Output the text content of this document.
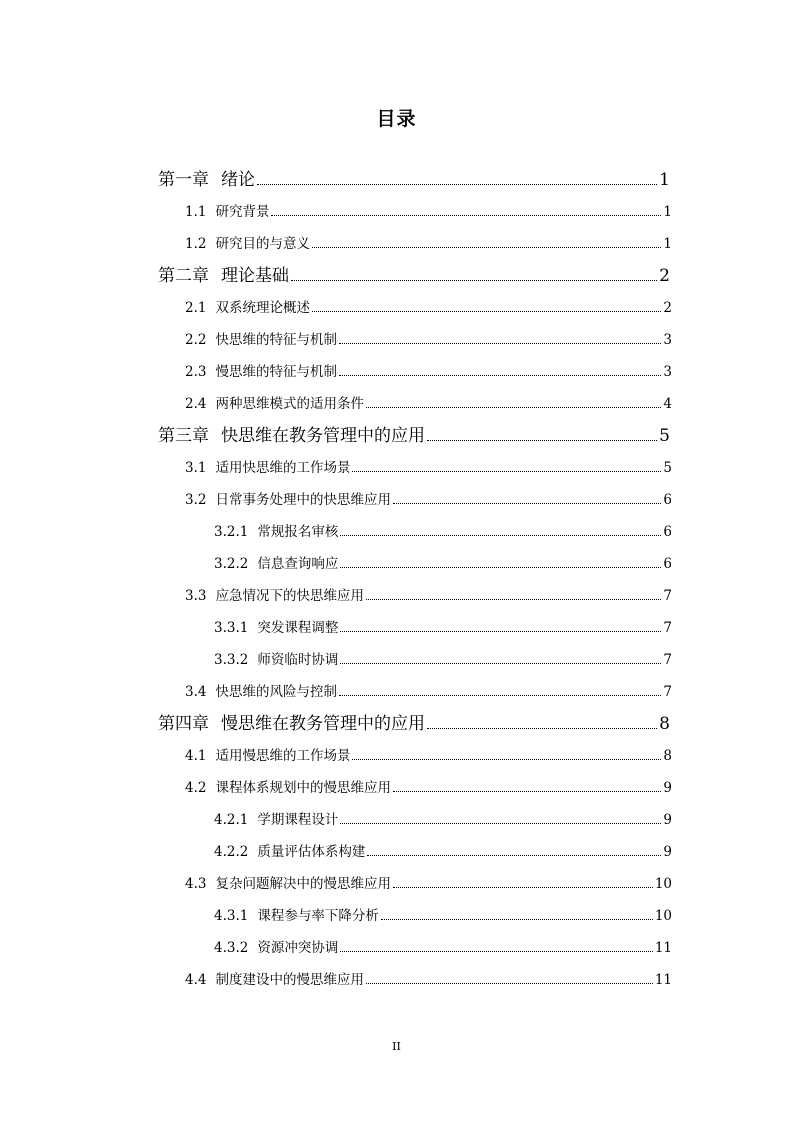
目录
第一章 绪论	1
1.1 研究背景	1
1.2 研究目的与意义	1
第二章 理论基础	2
2.1 双系统理论概述	2
2.2 快思维的特征与机制	3
2.3 慢思维的特征与机制	3
2.4 两种思维模式的适用条件	4
第三章 快思维在教务管理中的应用	5
3.1 适用快思维的工作场景	5
3.2 日常事务处理中的快思维应用	6
3.2.1 常规报名审核	6
3.2.2 信息查询响应	6
3.3 应急情况下的快思维应用	7
3.3.1 突发课程调整	7
3.3.2 师资临时协调	7
3.4 快思维的风险与控制	7
第四章 慢思维在教务管理中的应用	8
4.1 适用慢思维的工作场景	8
4.2 课程体系规划中的慢思维应用	9
4.2.1 学期课程设计	9
4.2.2 质量评估体系构建	9
4.3 复杂问题解决中的慢思维应用	10
4.3.1 课程参与率下降分析	10
4.3.2 资源冲突协调	11
4.4 制度建设中的慢思维应用	11
II
